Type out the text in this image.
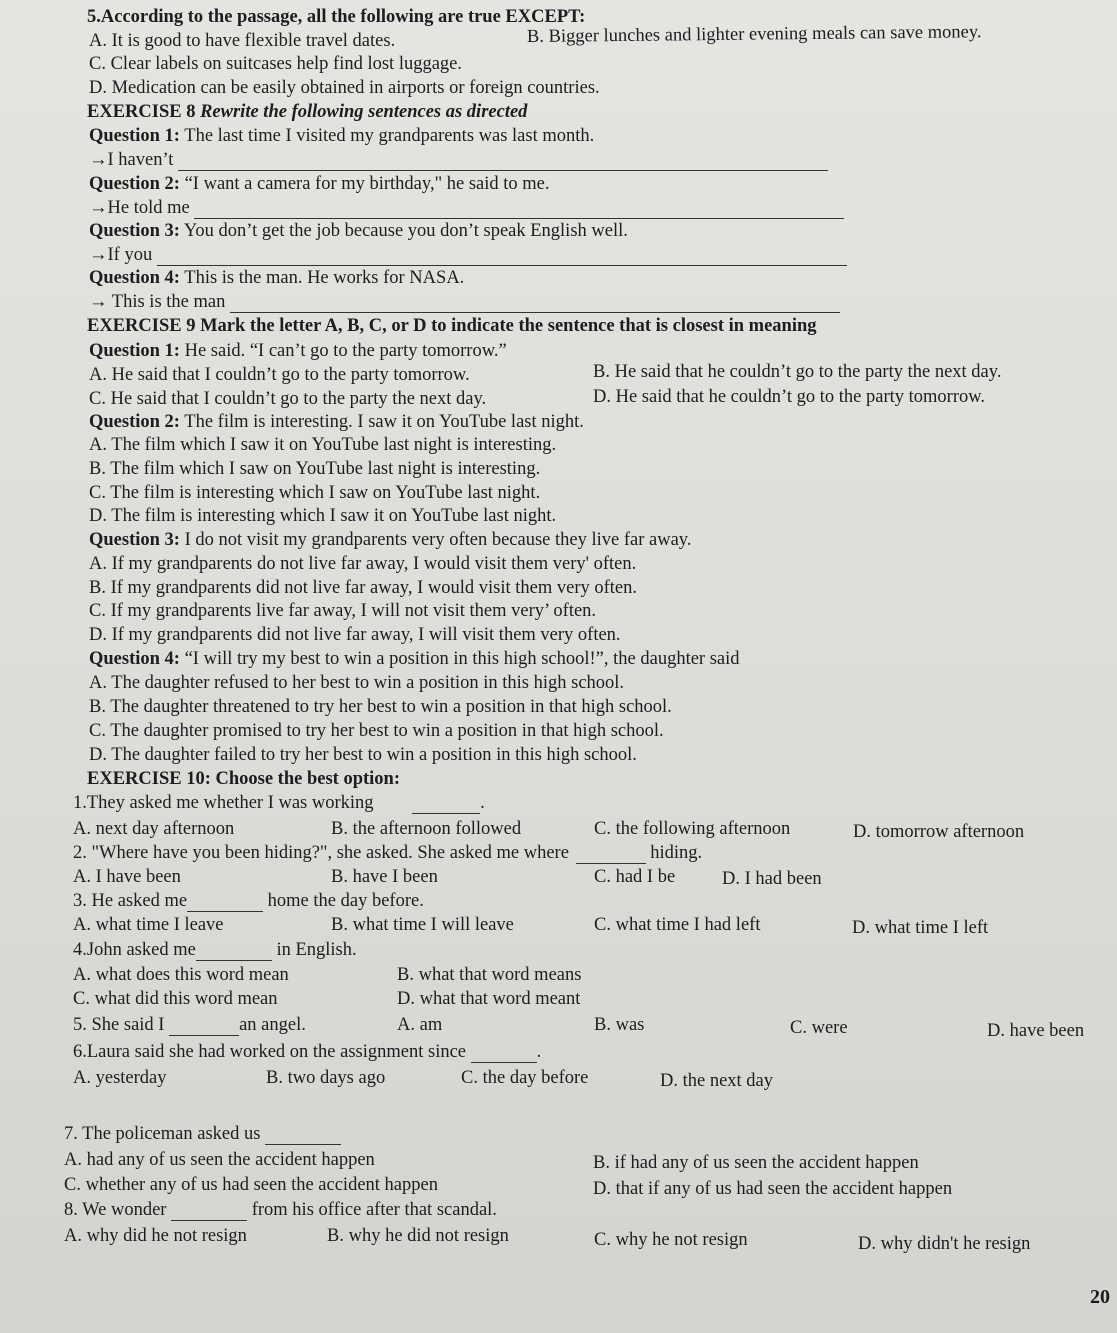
5.According to the passage, all the following are true EXCEPT:
A. It is good to have flexible travel dates.	B. Bigger lunches and lighter evening meals can save money.
C. Clear labels on suitcases help find lost luggage.
D. Medication can be easily obtained in airports or foreign countries.
EXERCISE 8 Rewrite the following sentences as directed
Question 1: The last time I visited my grandparents was last month.
→I haven’t
Question 2: “I want a camera for my birthday," he said to me.
→He told me
Question 3: You don’t get the job because you don’t speak English well.
→If you
Question 4: This is the man. He works for NASA.
→ This is the man
EXERCISE 9 Mark the letter A, B, C, or D to indicate the sentence that is closest in meaning
Question 1: He said. “I can’t go to the party tomorrow.”
A. He said that I couldn’t go to the party tomorrow.	B. He said that he couldn’t go to the party the next day.
C. He said that I couldn’t go to the party the next day.	D. He said that he couldn’t go to the party tomorrow.
Question 2: The film is interesting. I saw it on YouTube last night.
A. The film which I saw it on YouTube last night is interesting.
B. The film which I saw on YouTube last night is interesting.
C. The film is interesting which I saw on YouTube last night.
D. The film is interesting which I saw it on YouTube last night.
Question 3: I do not visit my grandparents very often because they live far away.
A. If my grandparents do not live far away, I would visit them very' often.
B. If my grandparents did not live far away, I would visit them very often.
C. If my grandparents live far away, I will not visit them very’ often.
D. If my grandparents did not live far away, I will visit them very often.
Question 4: “I will try my best to win a position in this high school!”, the daughter said
A. The daughter refused to her best to win a position in this high school.
B. The daughter threatened to try her best to win a position in that high school.
C. The daughter promised to try her best to win a position in that high school.
D. The daughter failed to try her best to win a position in this high school.
EXERCISE 10: Choose the best option:
1.They asked me whether I was working	.
A. next day afternoon	B. the afternoon followed	C. the following afternoon	D. tomorrow afternoon
2. "Where have you been hiding?", she asked. She asked me where	hiding.
A. I have been	B. have I been	C. had I be	D. I had been
3. He asked me	home the day before.
A. what time I leave	B. what time I will leave	C. what time I had left	D. what time I left
4.John asked me	in English.
A. what does this word mean	B. what that word means
C. what did this word mean	D. what that word meant
5. She said I	an angel.	A. am	B. was	C. were	D. have been
6.Laura said she had worked on the assignment since	.
A. yesterday	B. two days ago	C. the day before	D. the next day
7. The policeman asked us
A. had any of us seen the accident happen	B. if had any of us seen the accident happen
C. whether any of us had seen the accident happen	D. that if any of us had seen the accident happen
8. We wonder	from his office after that scandal.
A. why did he not resign	B. why he did not resign	C. why he not resign	D. why didn't he resign
20
